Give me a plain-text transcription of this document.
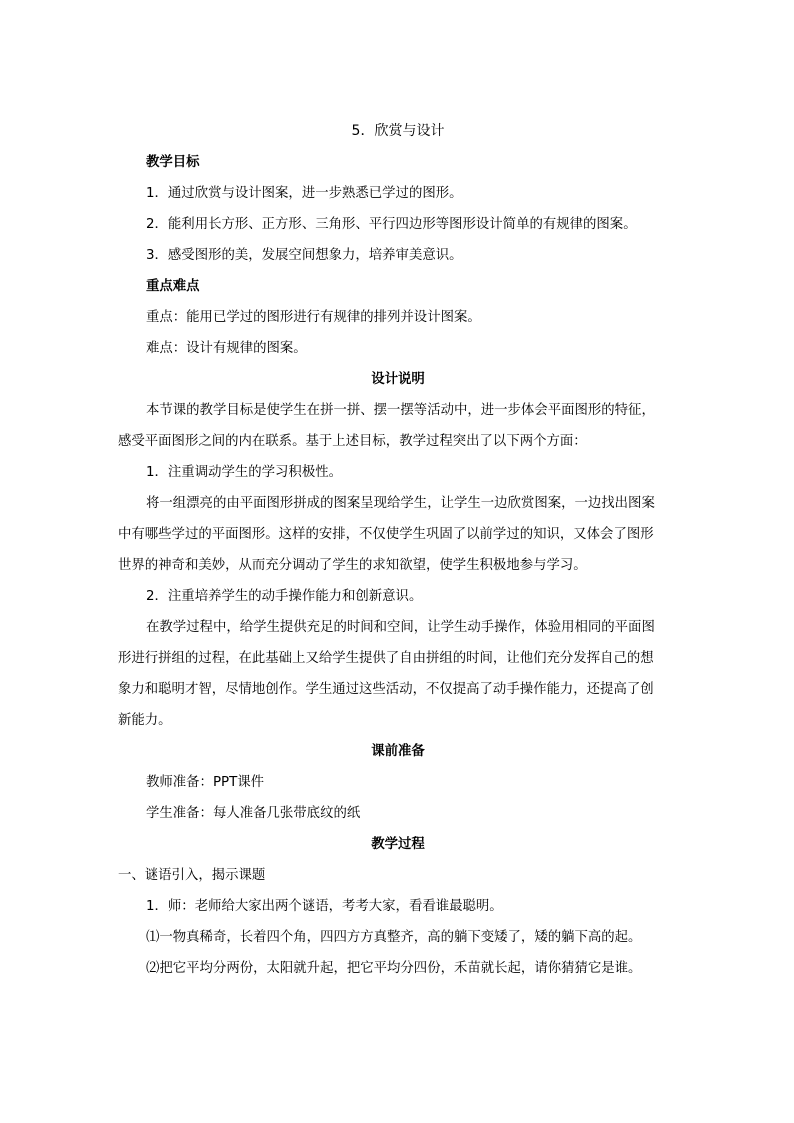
5．欣赏与设计
教学目标
1．通过欣赏与设计图案，进一步熟悉已学过的图形。
2．能利用长方形、正方形、三角形、平行四边形等图形设计简单的有规律的图案。
3．感受图形的美，发展空间想象力，培养审美意识。
重点难点
重点：能用已学过的图形进行有规律的排列并设计图案。
难点：设计有规律的图案。
设计说明
本节课的教学目标是使学生在拼一拼、摆一摆等活动中，进一步体会平面图形的特征，
感受平面图形之间的内在联系。基于上述目标，教学过程突出了以下两个方面：
1．注重调动学生的学习积极性。
将一组漂亮的由平面图形拼成的图案呈现给学生，让学生一边欣赏图案，一边找出图案
中有哪些学过的平面图形。这样的安排，不仅使学生巩固了以前学过的知识，又体会了图形
世界的神奇和美妙，从而充分调动了学生的求知欲望，使学生积极地参与学习。
2．注重培养学生的动手操作能力和创新意识。
在教学过程中，给学生提供充足的时间和空间，让学生动手操作，体验用相同的平面图
形进行拼组的过程，在此基础上又给学生提供了自由拼组的时间，让他们充分发挥自己的想
象力和聪明才智，尽情地创作。学生通过这些活动，不仅提高了动手操作能力，还提高了创
新能力。
课前准备
教师准备：PPT课件
学生准备：每人准备几张带底纹的纸
教学过程
一、谜语引入，揭示课题
1．师：老师给大家出两个谜语，考考大家，看看谁最聪明。
⑴一物真稀奇，长着四个角，四四方方真整齐，高的躺下变矮了，矮的躺下高的起。
⑵把它平均分两份，太阳就升起，把它平均分四份，禾苗就长起，请你猜猜它是谁。
